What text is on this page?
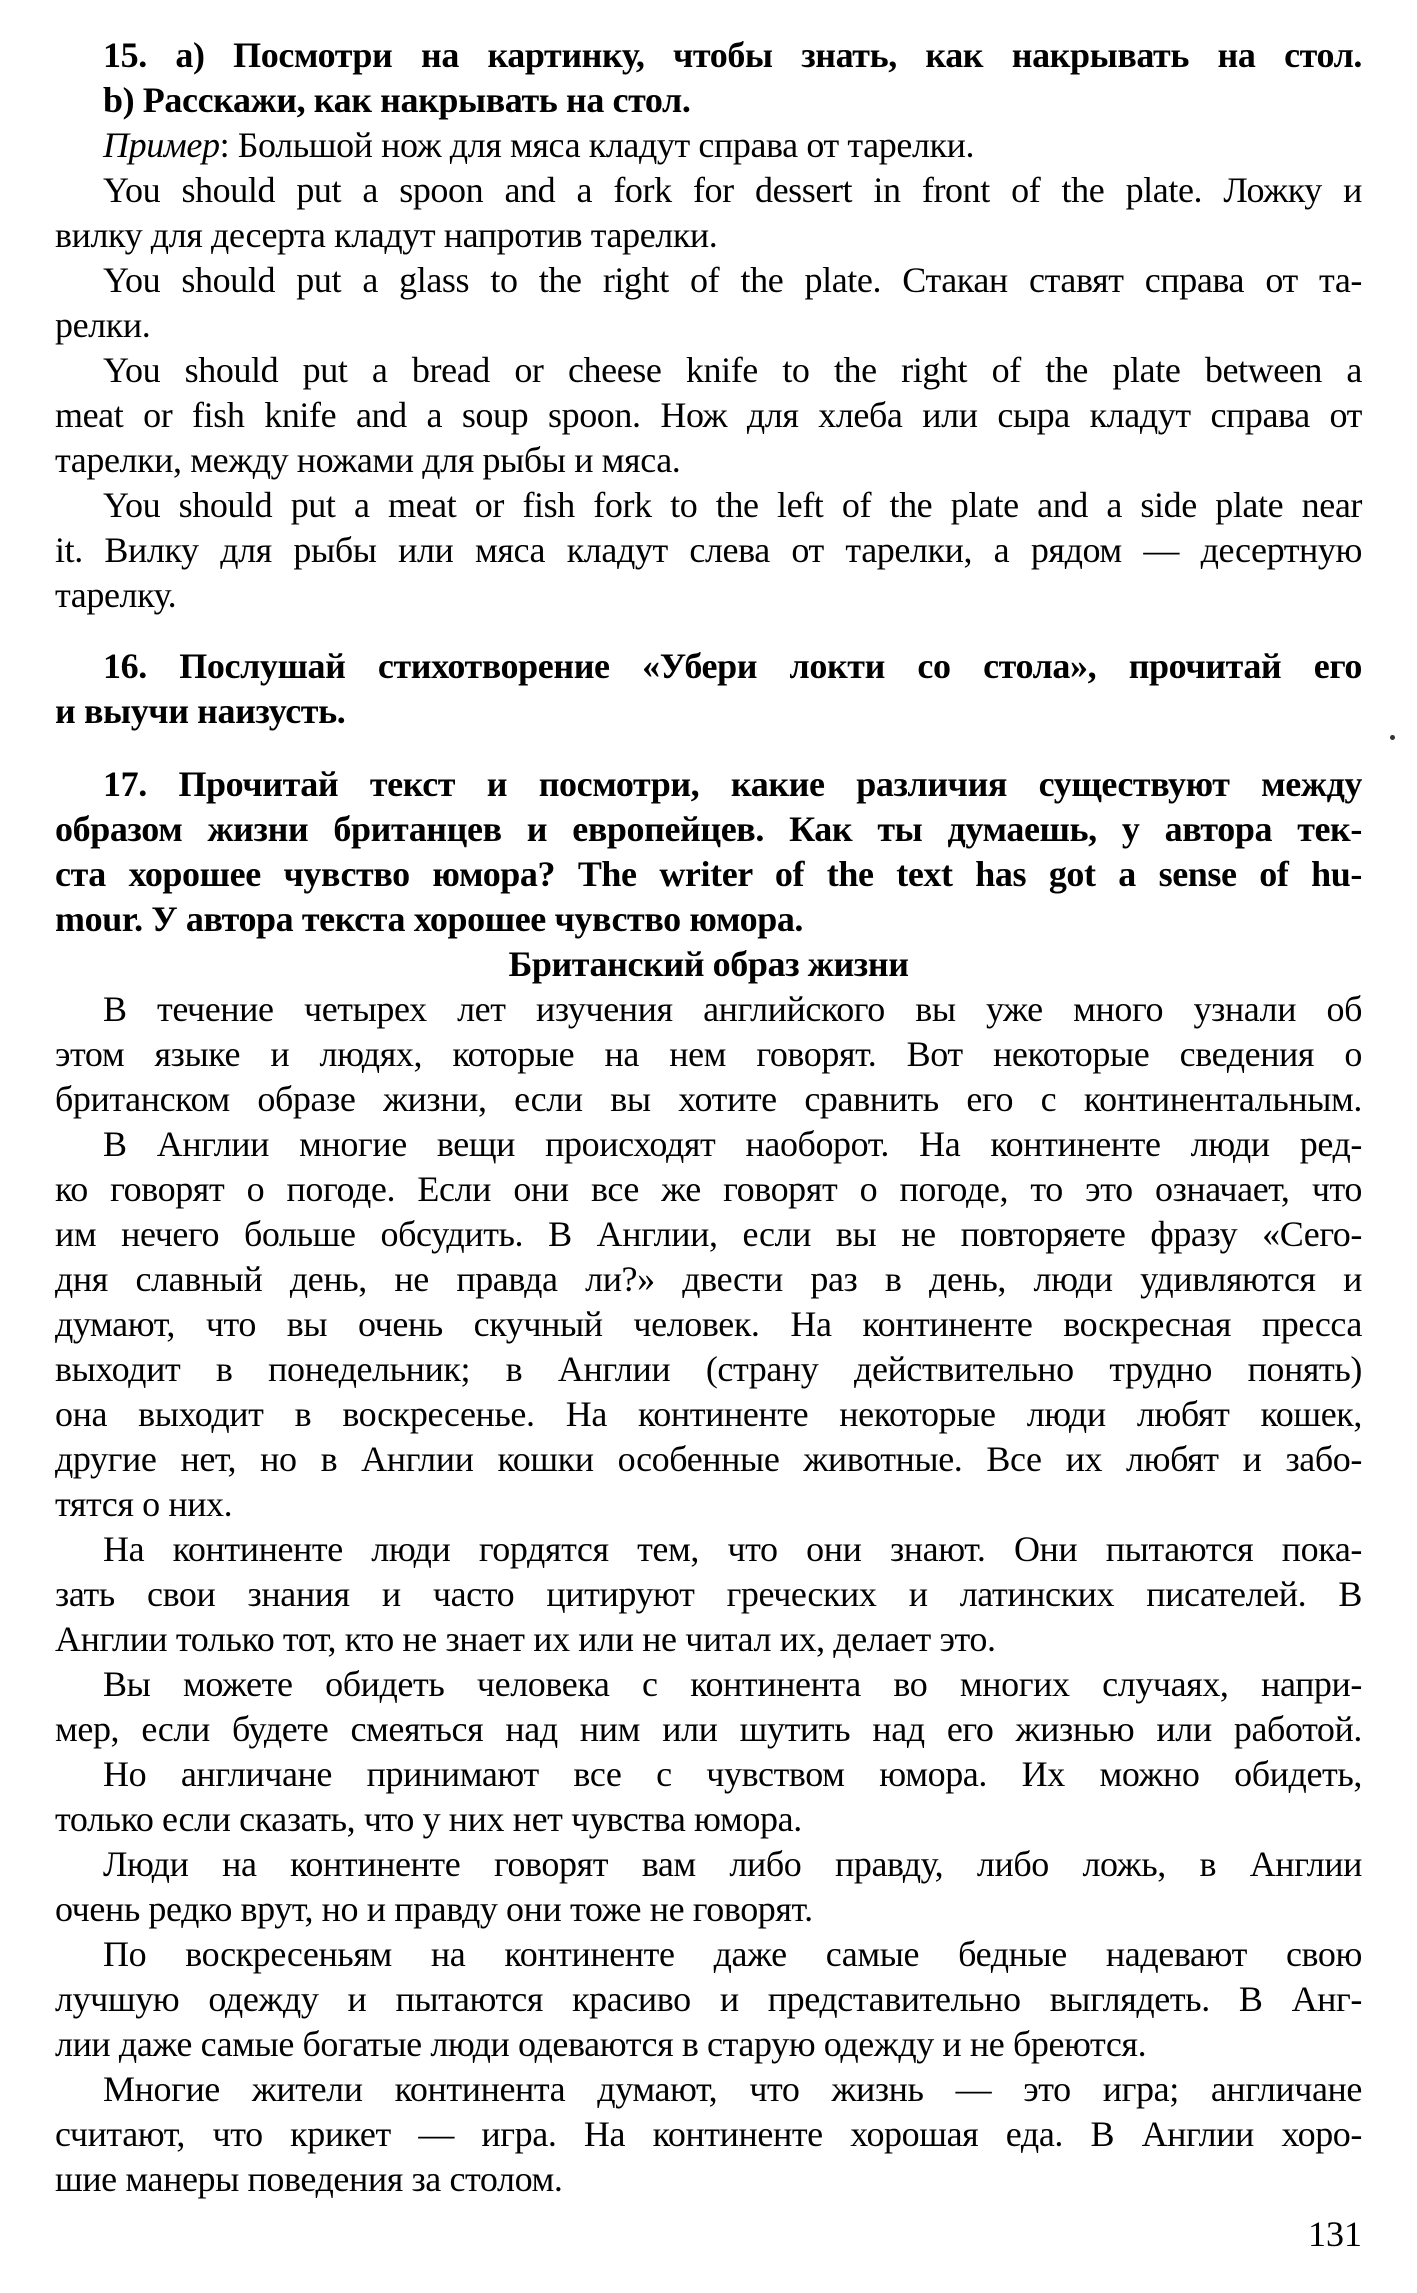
15. а) Посмотри на картинку, чтобы знать, как накрывать на стол.
b) Расскажи, как накрывать на стол.
Пример: Большой нож для мяса кладут справа от тарелки.
You should put a spoon and a fork for dessert in front of the plate. Ложку и
вилку для десерта кладут напротив тарелки.
You should put a glass to the right of the plate. Стакан ставят справа от та-
релки.
You should put a bread or cheese knife to the right of the plate between a
meat or fish knife and a soup spoon. Нож для хлеба или сыра кладут справа от
тарелки, между ножами для рыбы и мяса.
You should put a meat or fish fork to the left of the plate and a side plate near
it. Вилку для рыбы или мяса кладут слева от тарелки, а рядом — десертную
тарелку.
16. Послушай стихотворение «Убери локти со стола», прочитай его
и выучи наизусть.
17. Прочитай текст и посмотри, какие различия существуют между
образом жизни британцев и европейцев. Как ты думаешь, у автора тек-
ста хорошее чувство юмора? The writer of the text has got a sense of hu-
mour. У автора текста хорошее чувство юмора.
Британский образ жизни
В течение четырех лет изучения английского вы уже много узнали об
этом языке и людях, которые на нем говорят. Вот некоторые сведения о
британском образе жизни, если вы хотите сравнить его с континентальным.
В Англии многие вещи происходят наоборот. На континенте люди ред-
ко говорят о погоде. Если они все же говорят о погоде, то это означает, что
им нечего больше обсудить. В Англии, если вы не повторяете фразу «Сего-
дня славный день, не правда ли?» двести раз в день, люди удивляются и
думают, что вы очень скучный человек. На континенте воскресная пресса
выходит в понедельник; в Англии (страну действительно трудно понять)
она выходит в воскресенье. На континенте некоторые люди любят кошек,
другие нет, но в Англии кошки особенные животные. Все их любят и забо-
тятся о них.
На континенте люди гордятся тем, что они знают. Они пытаются пока-
зать свои знания и часто цитируют греческих и латинских писателей. В
Англии только тот, кто не знает их или не читал их, делает это.
Вы можете обидеть человека с континента во многих случаях, напри-
мер, если будете смеяться над ним или шутить над его жизнью или работой.
Но англичане принимают все с чувством юмора. Их можно обидеть,
только если сказать, что у них нет чувства юмора.
Люди на континенте говорят вам либо правду, либо ложь, в Англии
очень редко врут, но и правду они тоже не говорят.
По воскресеньям на континенте даже самые бедные надевают свою
лучшую одежду и пытаются красиво и представительно выглядеть. В Анг-
лии даже самые богатые люди одеваются в старую одежду и не бреются.
Многие жители континента думают, что жизнь — это игра; англичане
считают, что крикет — игра. На континенте хорошая еда. В Англии хоро-
шие манеры поведения за столом.
131
